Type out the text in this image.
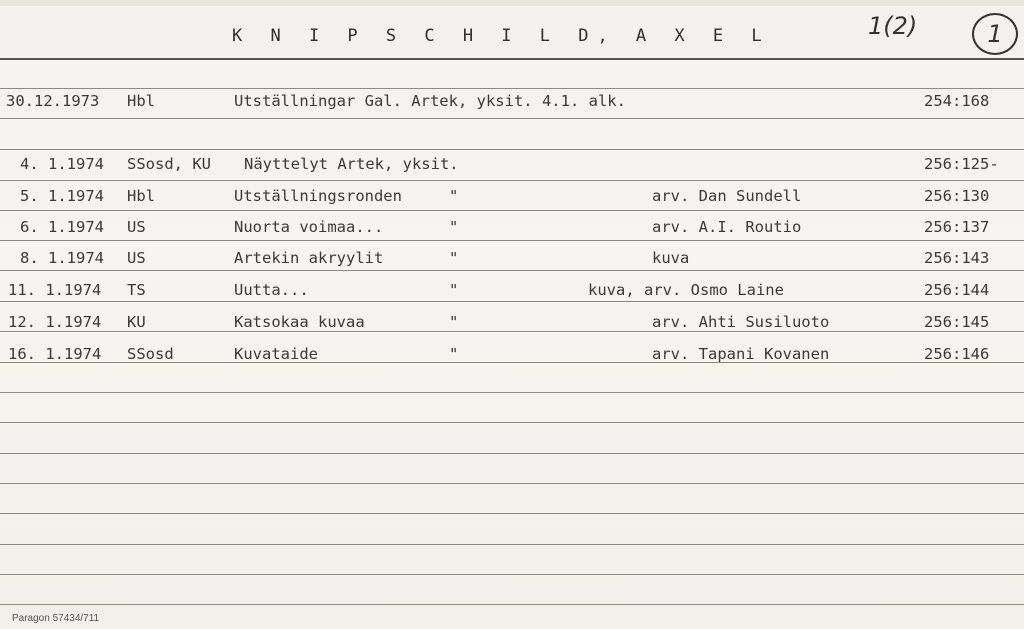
K N I P S C H I L D, A X E L	1(2)	1
30.12.1973 Hbl	Utställningar Gal. Artek, yksit. 4.1. alk.	254:168
4. 1.1974 SSosd, KU Näyttelyt Artek, yksit.	256:125-
5. 1.1974 Hbl	Utställningsronden	"	arv. Dan Sundell	256:130
6. 1.1974 US	Nuorta voimaa...	"	arv. A.I. Routio	256:137
8. 1.1974 US	Artekin akryylit	"	kuva	256:143
11. 1.1974 TS	Uutta...	"	kuva, arv. Osmo Laine	256:144
12. 1.1974 KU	Katsokaa kuvaa	"	arv. Ahti Susiluoto	256:145
16. 1.1974 SSosd	Kuvataide	"	arv. Tapani Kovanen	256:146
Paragon 57434/711
